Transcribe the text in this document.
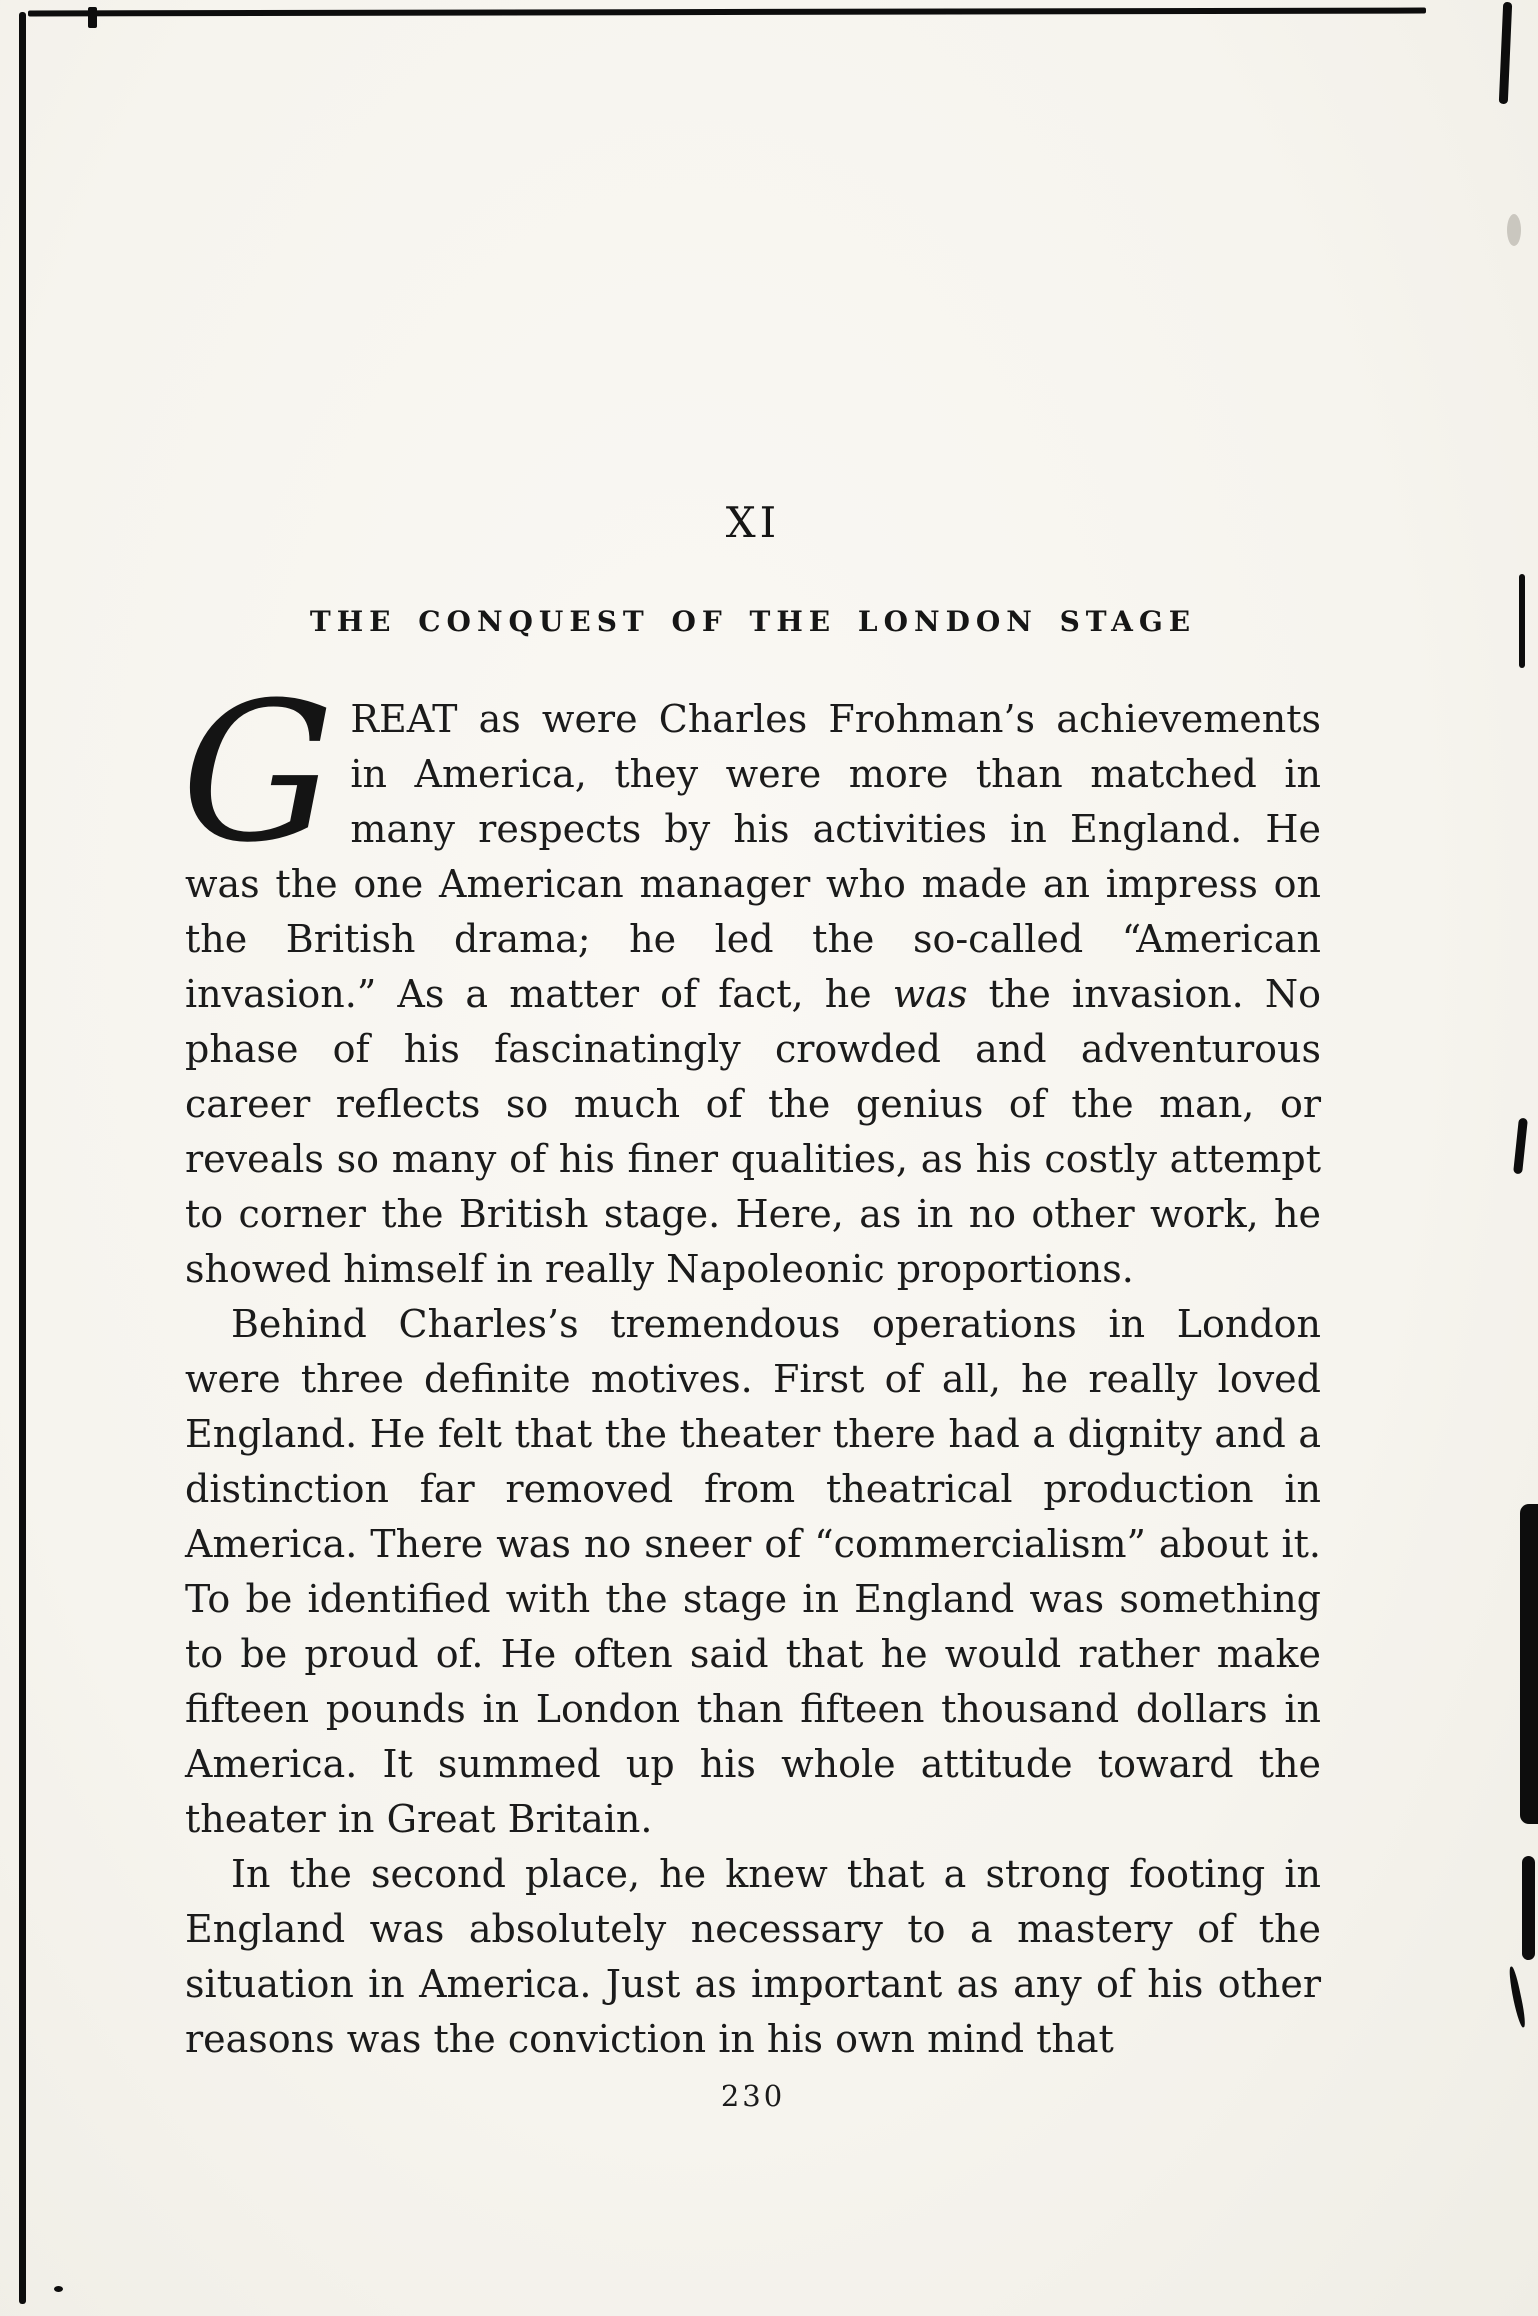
XI
THE CONQUEST OF THE LONDON STAGE

GREAT as were Charles Frohman’s achievements in America, they were more than matched in many respects by his activities in England. He was the one American manager who made an impress on the British drama; he led the so-called “American invasion.” As a matter of fact, he was the invasion. No phase of his fascinatingly crowded and adventurous career reflects so much of the genius of the man, or reveals so many of his finer qualities, as his costly attempt to corner the British stage. Here, as in no other work, he showed himself in really Napoleonic proportions.

Behind Charles’s tremendous operations in London were three definite motives. First of all, he really loved England. He felt that the theater there had a dignity and a distinction far removed from theatrical production in America. There was no sneer of “commercialism” about it. To be identified with the stage in England was something to be proud of. He often said that he would rather make fifteen pounds in London than fifteen thousand dollars in America. It summed up his whole attitude toward the theater in Great Britain.

In the second place, he knew that a strong footing in England was absolutely necessary to a mastery of the situation in America. Just as important as any of his other reasons was the conviction in his own mind that

230
